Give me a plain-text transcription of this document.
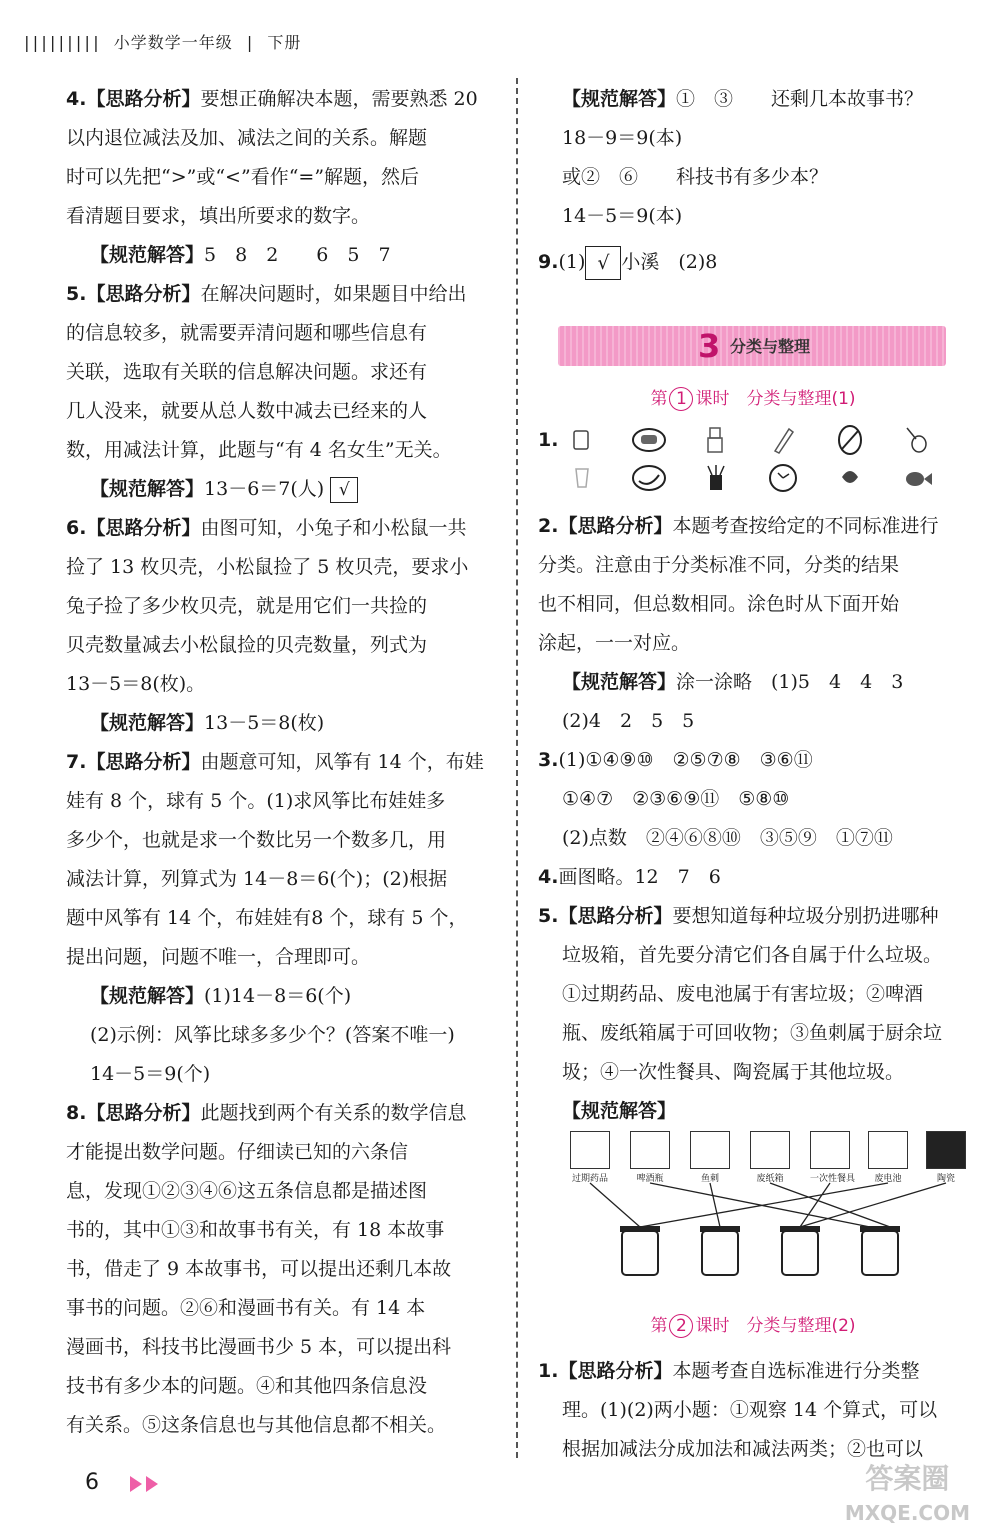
||||||||| 小学数学一年级 | 下册

4.【思路分析】要想正确解决本题，需要熟悉 20

以内退位减法及加、减法之间的关系。解题

时可以先把“>”或“<”看作“=”解题，然后

看清题目要求，填出所要求的数字。

【规范解答】5　8　2　　6　5　7

5.【思路分析】在解决问题时，如果题目中给出

的信息较多，就需要弄清问题和哪些信息有

关联，选取有关联的信息解决问题。求还有

几人没来，就要从总人数中减去已经来的人

数，用减法计算，此题与“有 4 名女生”无关。

【规范解答】13－6＝7(人) √

6.【思路分析】由图可知，小兔子和小松鼠一共

捡了 13 枚贝壳，小松鼠捡了 5 枚贝壳，要求小

兔子捡了多少枚贝壳，就是用它们一共捡的

贝壳数量减去小松鼠捡的贝壳数量，列式为

13－5＝8(枚)。

【规范解答】13－5＝8(枚)

7.【思路分析】由题意可知，风筝有 14 个，布娃

娃有 8 个，球有 5 个。(1)求风筝比布娃娃多

多少个，也就是求一个数比另一个数多几，用

减法计算，列算式为 14－8＝6(个)；(2)根据

题中风筝有 14 个，布娃娃有8 个，球有 5 个，

提出问题，问题不唯一，合理即可。

【规范解答】(1)14－8＝6(个)

(2)示例：风筝比球多多少个？(答案不唯一)

14－5＝9(个)

8.【思路分析】此题找到两个有关系的数学信息

才能提出数学问题。仔细读已知的六条信

息，发现①②③④⑥这五条信息都是描述图

书的，其中①③和故事书有关，有 18 本故事

书，借走了 9 本故事书，可以提出还剩几本故

事书的问题。②⑥和漫画书有关。有 14 本

漫画书，科技书比漫画书少 5 本，可以提出科

技书有多少本的问题。④和其他四条信息没

有关系。⑤这条信息也与其他信息都不相关。

【规范解答】①　③　　还剩几本故事书？

18－9＝9(本)

或②　⑥　　科技书有多少本？

14－5＝9(本)

9.(1) √ 小溪　(2)8

3 分类与整理
第 1 课时　 分类与整理(1)
1.

2.【思路分析】本题考查按给定的不同标准进行

分类。注意由于分类标准不同，分类的结果

也不相同，但总数相同。涂色时从下面开始

涂起，一一对应。

【规范解答】涂一涂略　(1)5　4　4　3

(2)4　2　5　5

3.(1)①④⑨⑩　②⑤⑦⑧　③⑥⑪

①④⑦　②③⑥⑨⑪　⑤⑧⑩

(2)点数　②④⑥⑧⑩　③⑤⑨　①⑦⑪

4.画图略。12　7　6

5.【思路分析】要想知道每种垃圾分别扔进哪种

垃圾箱，首先要分清它们各自属于什么垃圾。

①过期药品、废电池属于有害垃圾；②啤酒

瓶、废纸箱属于可回收物；③鱼刺属于厨余垃

圾；④一次性餐具、陶瓷属于其他垃圾。

【规范解答】

过期药品	啤酒瓶	鱼刺	废纸箱	一次性餐具	废电池	陶瓷
第 2 课时　 分类与整理(2)

1.【思路分析】本题考查自选标准进行分类整

理。(1)(2)两小题：①观察 14 个算式，可以

根据加减法分成加法和减法两类；②也可以

6	答案圈
MXQE.COM
